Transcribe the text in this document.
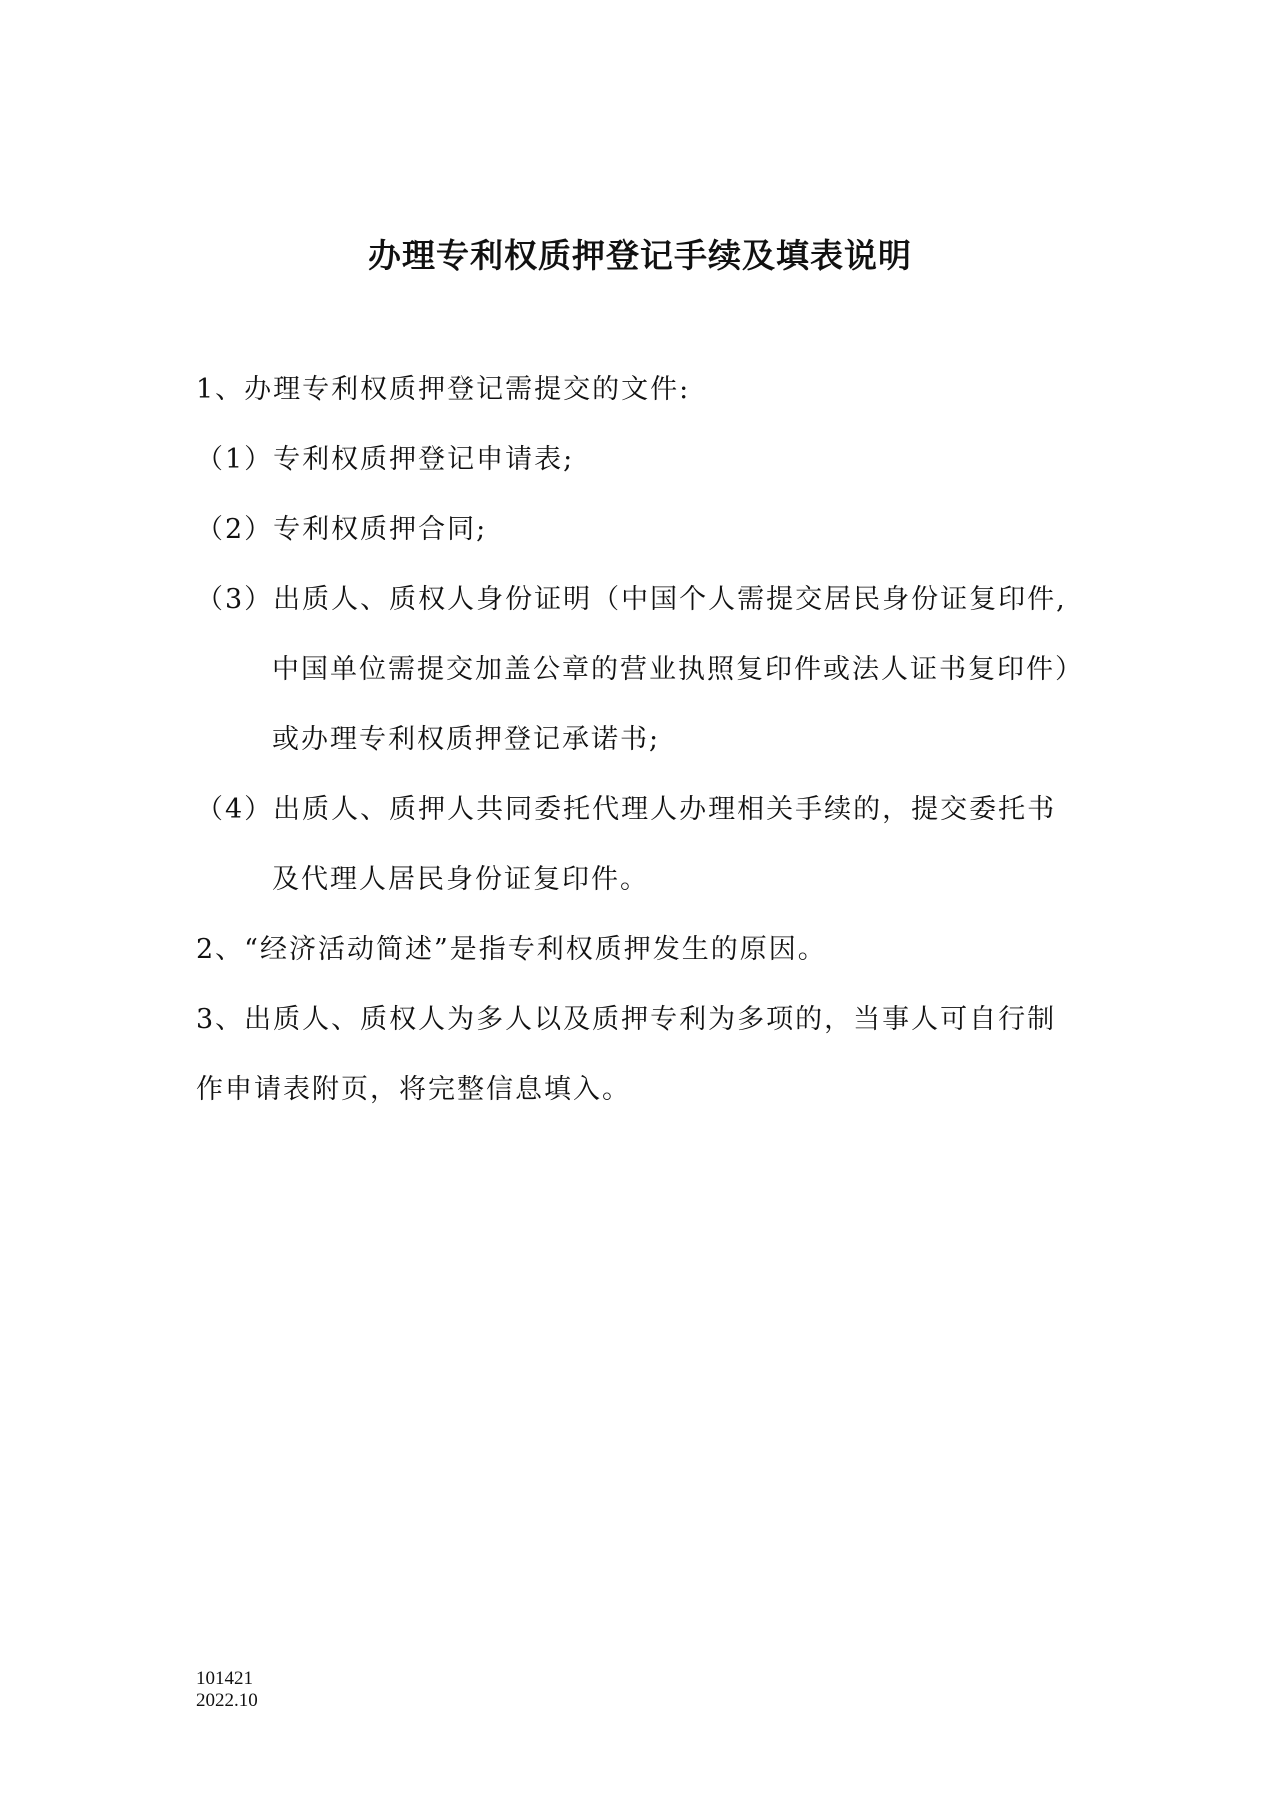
办理专利权质押登记手续及填表说明
1、办理专利权质押登记需提交的文件:
（1）专利权质押登记申请表;
（2）专利权质押合同;
（3）出质人、质权人身份证明（中国个人需提交居民身份证复印件,
中国单位需提交加盖公章的营业执照复印件或法人证书复印件）
或办理专利权质押登记承诺书;
（4）出质人、质押人共同委托代理人办理相关手续的，提交委托书
及代理人居民身份证复印件。
2、“经济活动简述”是指专利权质押发生的原因。
3、出质人、质权人为多人以及质押专利为多项的，当事人可自行制
作申请表附页，将完整信息填入。
101421
2022.10
